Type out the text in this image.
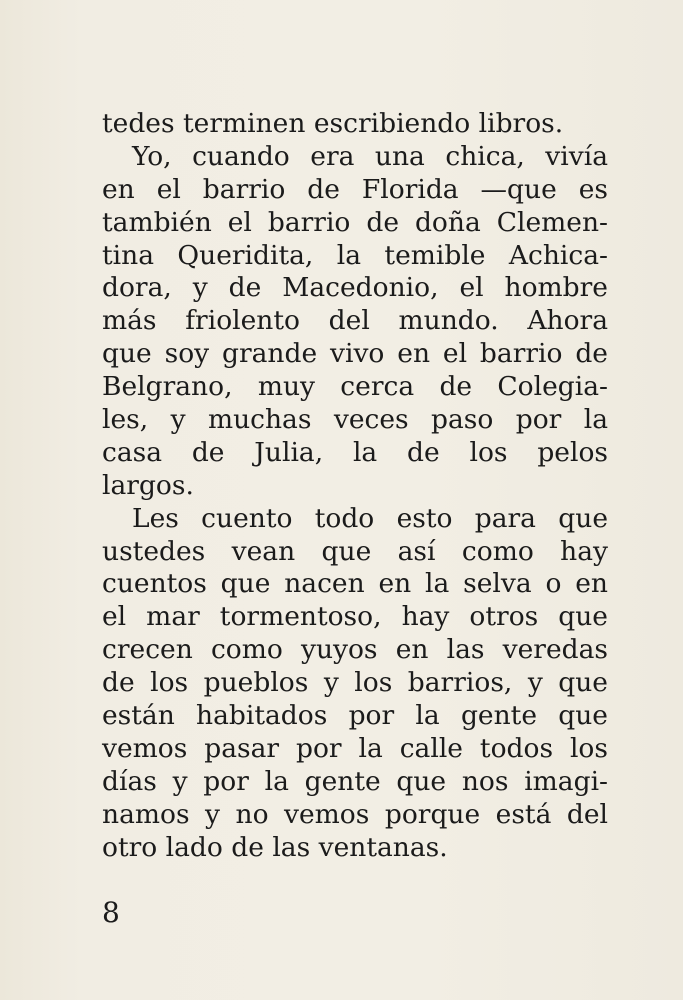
tedes terminen escribiendo libros.
Yo, cuando era una chica, vivía
en el barrio de Florida —que es
también el barrio de doña Clemen-
tina Queridita, la temible Achica-
dora, y de Macedonio, el hombre
más friolento del mundo. Ahora
que soy grande vivo en el barrio de
Belgrano, muy cerca de Colegia-
les, y muchas veces paso por la
casa de Julia, la de los pelos
largos.
Les cuento todo esto para que
ustedes vean que así como hay
cuentos que nacen en la selva o en
el mar tormentoso, hay otros que
crecen como yuyos en las veredas
de los pueblos y los barrios, y que
están habitados por la gente que
vemos pasar por la calle todos los
días y por la gente que nos imagi-
namos y no vemos porque está del
otro lado de las ventanas.
8
